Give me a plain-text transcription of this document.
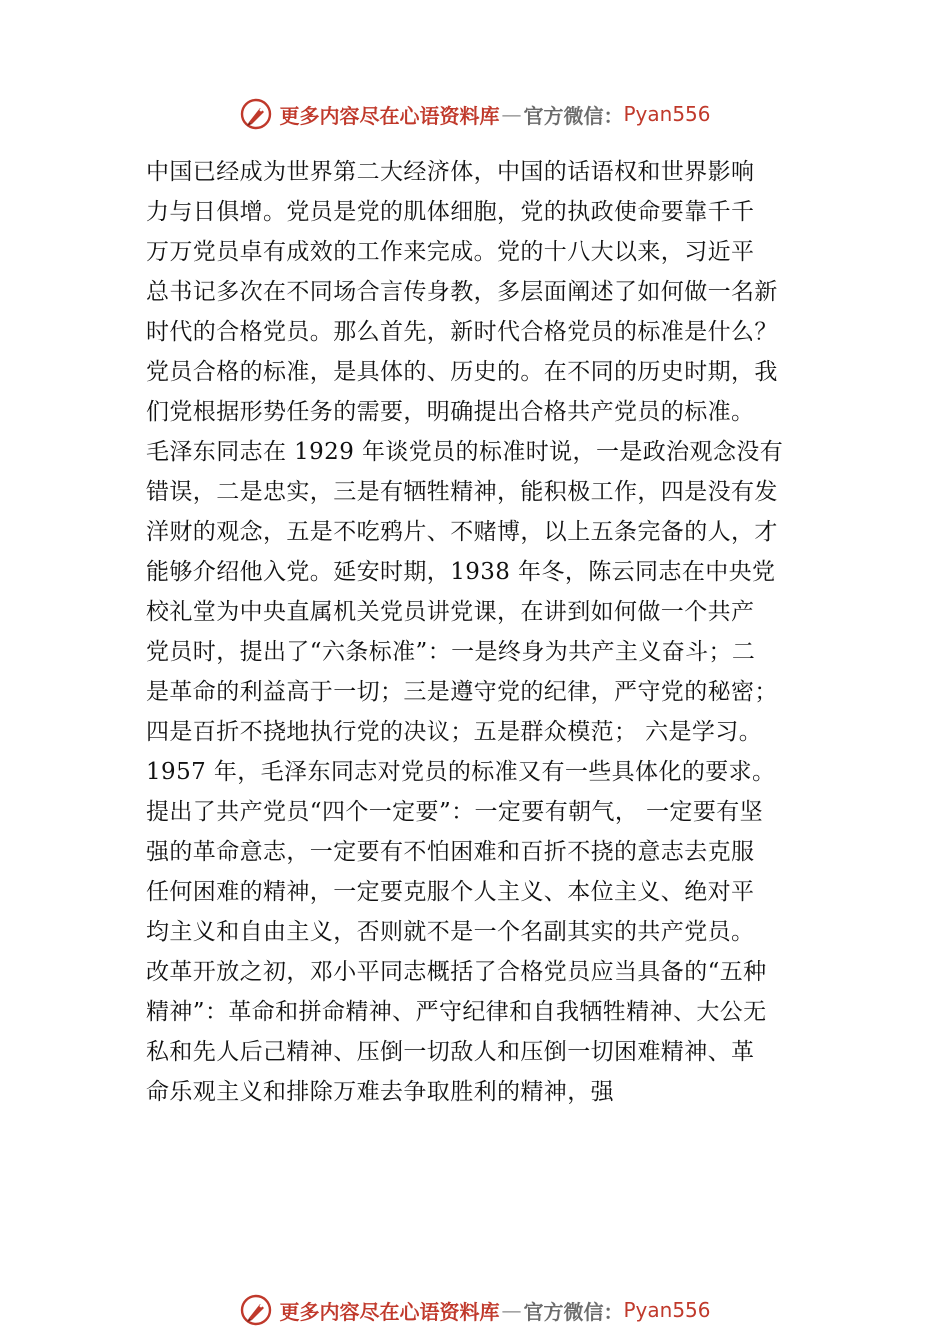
更多内容尽在心语资料库 — 官方微信： Pyan556
中国已经成为世界第二大经济体，中国的话语权和世界影响
力与日俱增。党员是党的肌体细胞，党的执政使命要靠千千
万万党员卓有成效的工作来完成。党的十八大以来，习近平
总书记多次在不同场合言传身教，多层面阐述了如何做一名新
时代的合格党员。那么首先，新时代合格党员的标准是什么？
党员合格的标准，是具体的、历史的。在不同的历史时期，我
们党根据形势任务的需要，明确提出合格共产党员的标准。
毛泽东同志在 1929 年谈党员的标准时说，一是政治观念没有
错误，二是忠实，三是有牺牲精神，能积极工作，四是没有发
洋财的观念，五是不吃鸦片、不赌博，以上五条完备的人，才
能够介绍他入党。延安时期，1938 年冬，陈云同志在中央党
校礼堂为中央直属机关党员讲党课，在讲到如何做一个共产
党员时，提出了“六条标准”：一是终身为共产主义奋斗；二
是革命的利益高于一切；三是遵守党的纪律，严守党的秘密；
四是百折不挠地执行党的决议；五是群众模范； 六是学习。
1957 年，毛泽东同志对党员的标准又有一些具体化的要求。
提出了共产党员“四个一定要”：一定要有朝气， 一定要有坚
强的革命意志，一定要有不怕困难和百折不挠的意志去克服
任何困难的精神，一定要克服个人主义、本位主义、绝对平
均主义和自由主义，否则就不是一个名副其实的共产党员。
改革开放之初，邓小平同志概括了合格党员应当具备的“五种
精神”：革命和拼命精神、严守纪律和自我牺牲精神、大公无
私和先人后己精神、压倒一切敌人和压倒一切困难精神、革
命乐观主义和排除万难去争取胜利的精神，强
更多内容尽在心语资料库 — 官方微信： Pyan556
